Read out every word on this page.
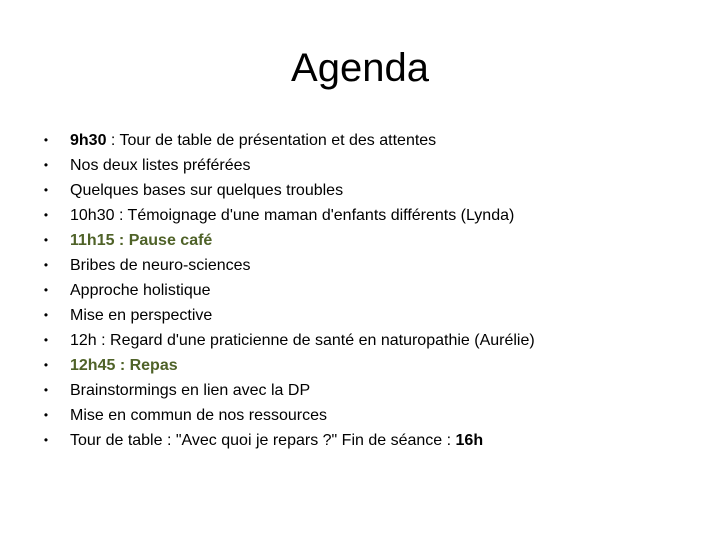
Agenda
• 9h30 : Tour de table de présentation et des attentes
• Nos deux listes préférées
• Quelques bases sur quelques troubles
• 10h30 : Témoignage d'une maman d'enfants différents (Lynda)
• 11h15 : Pause café
• Bribes de neuro-sciences
• Approche holistique
• Mise en perspective
• 12h : Regard d'une praticienne de santé en naturopathie (Aurélie)
• 12h45 : Repas
• Brainstormings en lien avec la DP
• Mise en commun de nos ressources
• Tour de table : "Avec quoi je repars ?" Fin de séance : 16h
